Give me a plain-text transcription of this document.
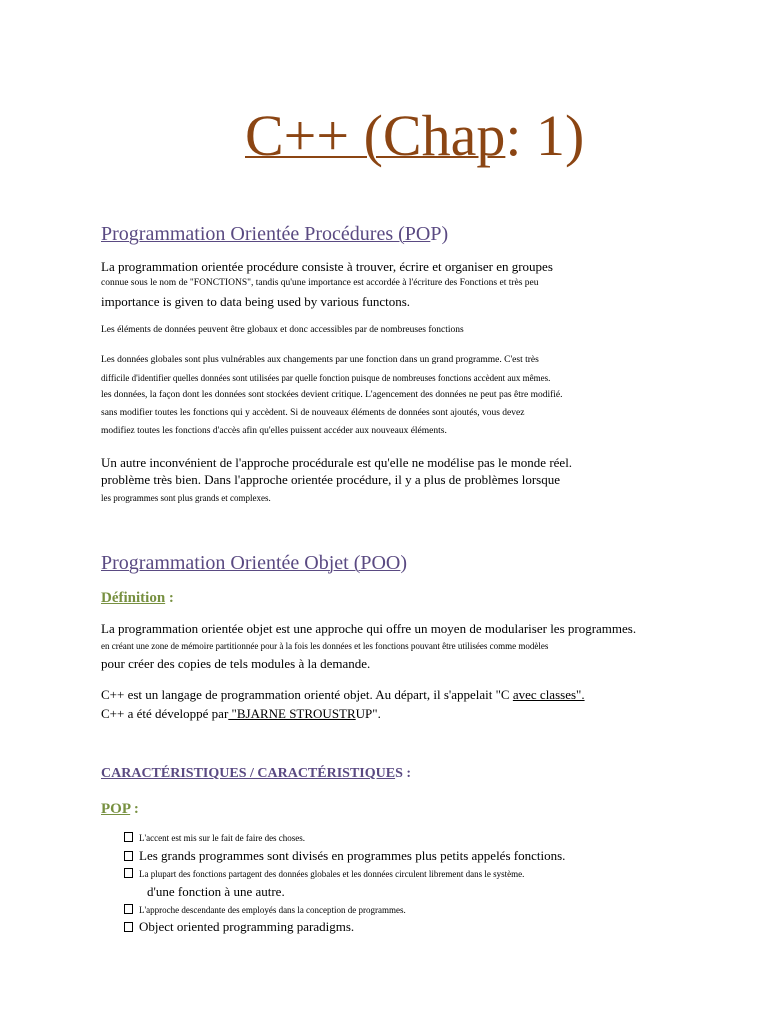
C++ (Chap: 1)
Programmation Orientée Procédures (POP)
La programmation orientée procédure consiste à trouver, écrire et organiser en groupes
connue sous le nom de "FONCTIONS", tandis qu'une importance est accordée à l'écriture des Fonctions et très peu
importance is given to data being used by various functons.
Les éléments de données peuvent être globaux et donc accessibles par de nombreuses fonctions
Les données globales sont plus vulnérables aux changements par une fonction dans un grand programme. C'est très
difficile d'identifier quelles données sont utilisées par quelle fonction puisque de nombreuses fonctions accèdent aux mêmes.
les données, la façon dont les données sont stockées devient critique. L'agencement des données ne peut pas être modifié.
sans modifier toutes les fonctions qui y accèdent. Si de nouveaux éléments de données sont ajoutés, vous devez
modifiez toutes les fonctions d'accès afin qu'elles puissent accéder aux nouveaux éléments.
Un autre inconvénient de l'approche procédurale est qu'elle ne modélise pas le monde réel.
problème très bien. Dans l'approche orientée procédure, il y a plus de problèmes lorsque
les programmes sont plus grands et complexes.
Programmation Orientée Objet (POO)
Définition :
La programmation orientée objet est une approche qui offre un moyen de modulariser les programmes.
en créant une zone de mémoire partitionnée pour à la fois les données et les fonctions pouvant être utilisées comme modèles
pour créer des copies de tels modules à la demande.
C++ est un langage de programmation orienté objet. Au départ, il s'appelait "C avec classes".
C++ a été développé par "BJARNE STROUSTRUP".
CARACTÉRISTIQUES / CARACTÉRISTIQUES :
POP :
L'accent est mis sur le fait de faire des choses.
Les grands programmes sont divisés en programmes plus petits appelés fonctions.
La plupart des fonctions partagent des données globales et les données circulent librement dans le système.
d'une fonction à une autre.
L'approche descendante des employés dans la conception de programmes.
Object oriented programming paradigms.
